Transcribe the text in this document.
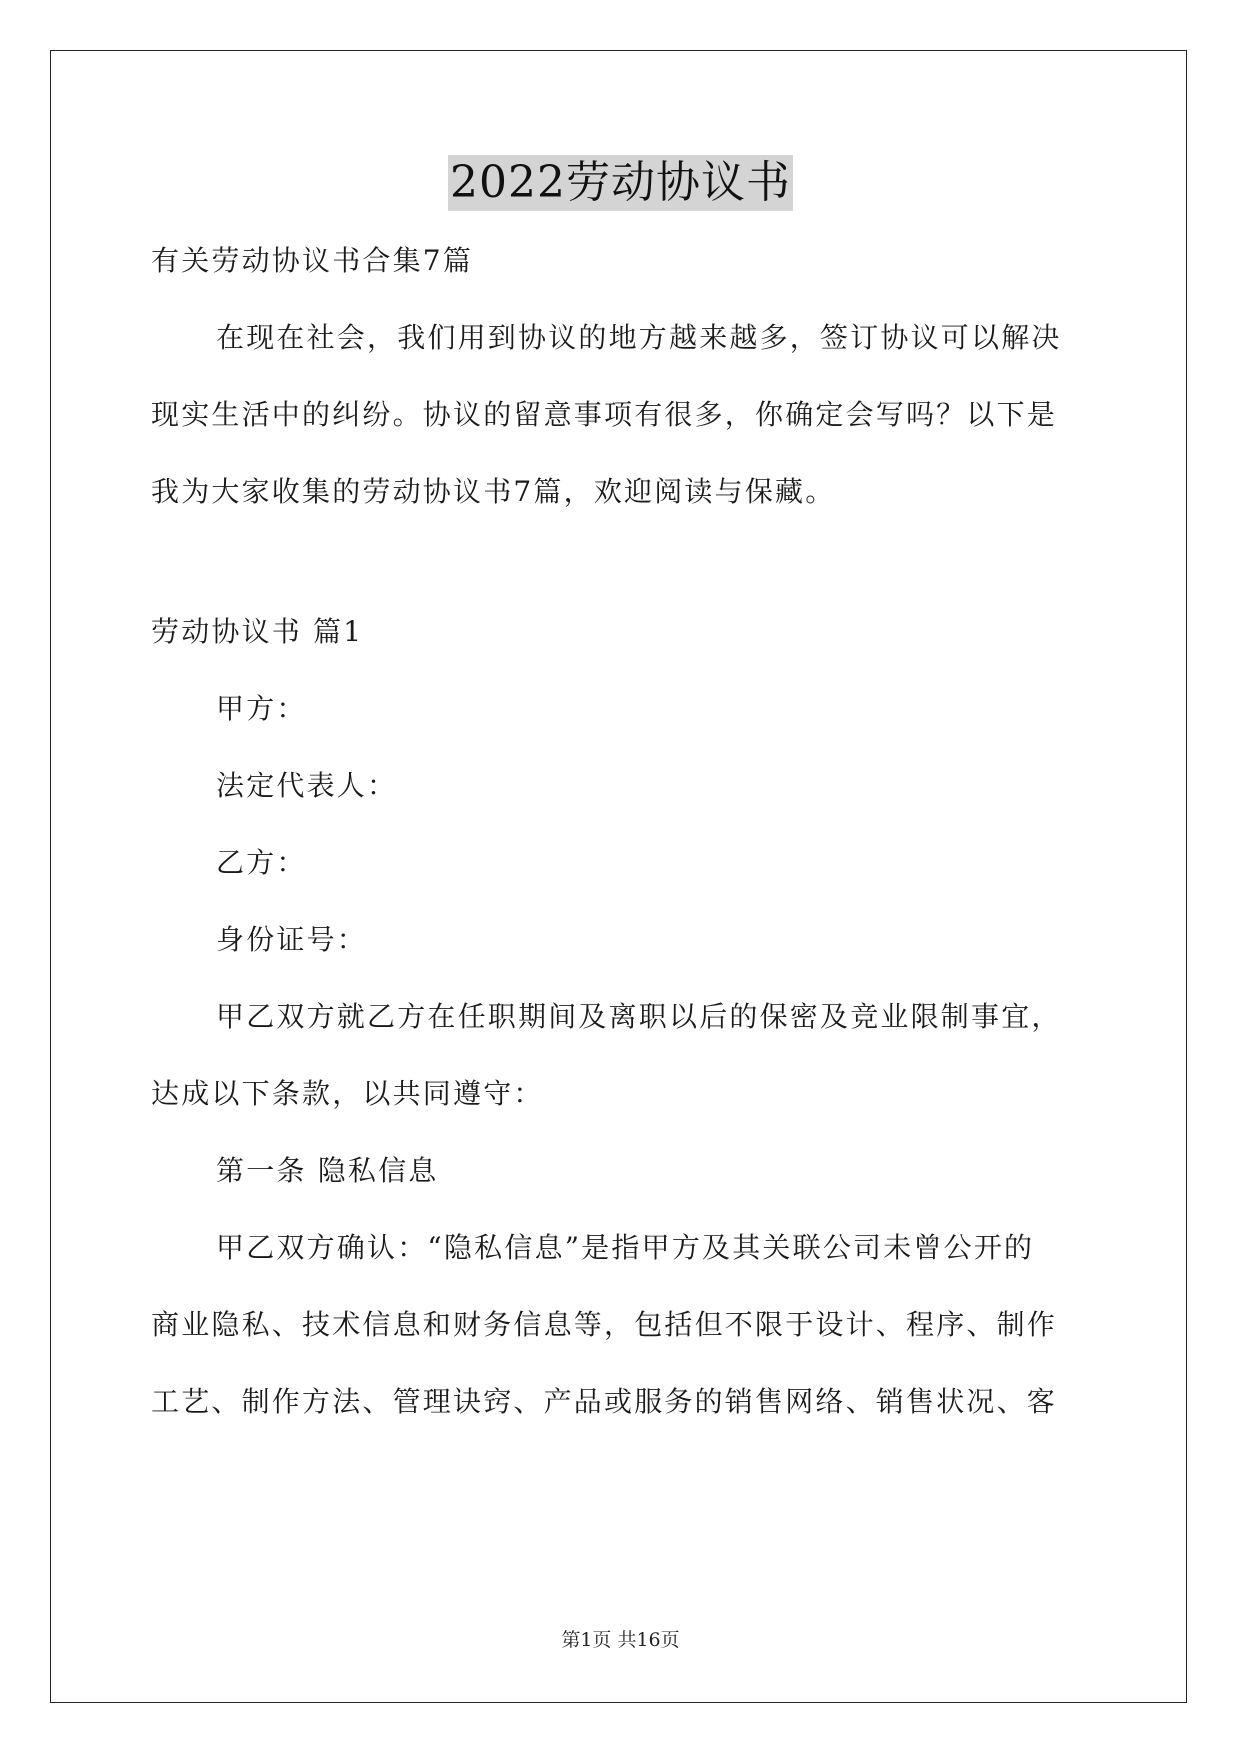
2022劳动协议书
有关劳动协议书合集7篇
在现在社会，我们用到协议的地方越来越多，签订协议可以解决
现实生活中的纠纷。协议的留意事项有很多，你确定会写吗？以下是
我为大家收集的劳动协议书7篇，欢迎阅读与保藏。
劳动协议书 篇1
甲方：
法定代表人：
乙方：
身份证号：
甲乙双方就乙方在任职期间及离职以后的保密及竞业限制事宜，
达成以下条款，以共同遵守：
第一条 隐私信息
甲乙双方确认：“隐私信息”是指甲方及其关联公司未曾公开的
商业隐私、技术信息和财务信息等，包括但不限于设计、程序、制作
工艺、制作方法、管理诀窍、产品或服务的销售网络、销售状况、客
第1页 共16页
